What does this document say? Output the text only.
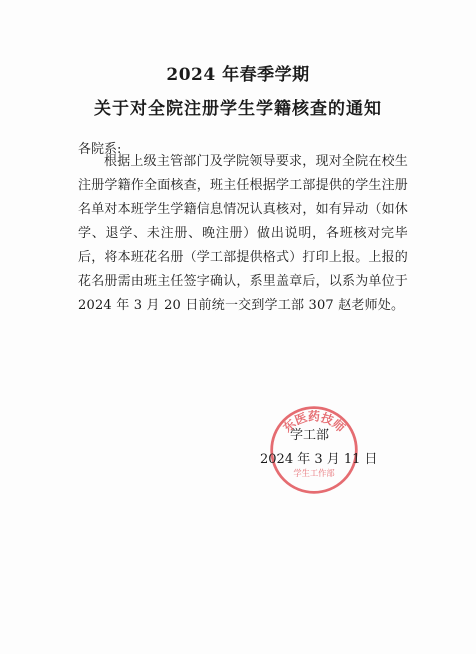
2024 年春季学期
关于对全院注册学生学籍核查的通知
各院系:

根据上级主管部门及学院领导要求，现对全院在校生注册学籍作全面核查，班主任根据学工部提供的学生注册名单对本班学生学籍信息情况认真核对，如有异动（如休学、退学、未注册、晚注册）做出说明，各班核对完毕后，将本班花名册（学工部提供格式）打印上报。上报的花名册需由班主任签字确认，系里盖章后，以系为单位于 2024 年 3 月 20 日前统一交到学工部 307 赵老师处。

东医药技师
学生工作部
学工部
2024 年 3 月 11 日
